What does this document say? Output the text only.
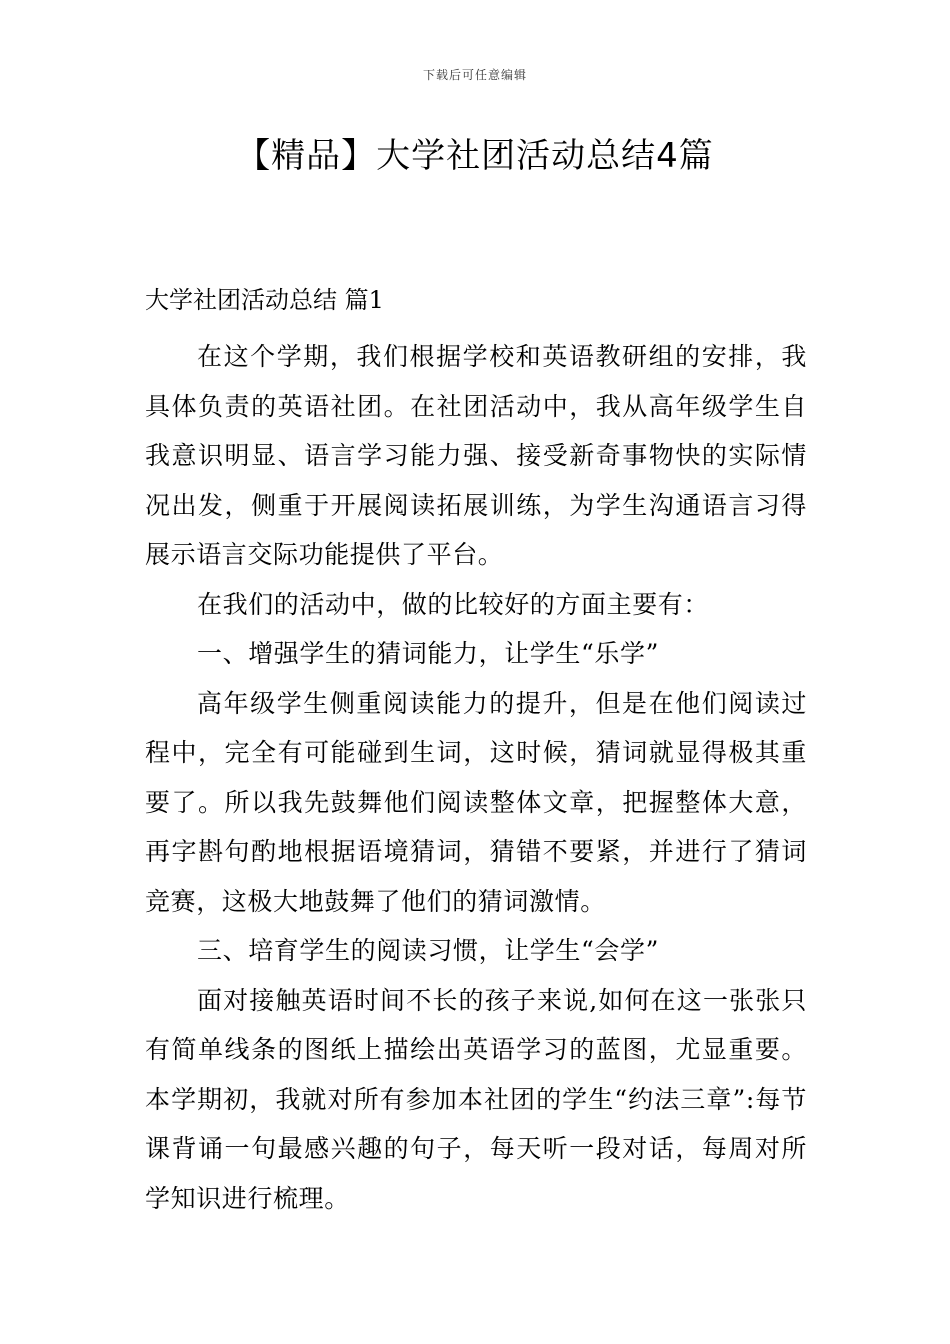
下载后可任意编辑
【精品】大学社团活动总结4篇

大学社团活动总结 篇1

在这个学期，我们根据学校和英语教研组的安排，我具体负责的英语社团。在社团活动中，我从高年级学生自我意识明显、语言学习能力强、接受新奇事物快的实际情况出发，侧重于开展阅读拓展训练，为学生沟通语言习得展示语言交际功能提供了平台。

在我们的活动中，做的比较好的方面主要有：

一、增强学生的猜词能力，让学生“乐学”

高年级学生侧重阅读能力的提升，但是在他们阅读过程中，完全有可能碰到生词，这时候，猜词就显得极其重要了。所以我先鼓舞他们阅读整体文章，把握整体大意，再字斟句酌地根据语境猜词，猜错不要紧，并进行了猜词竞赛，这极大地鼓舞了他们的猜词激情。

三、培育学生的阅读习惯，让学生“会学”

面对接触英语时间不长的孩子来说,如何在这一张张只有简单线条的图纸上描绘出英语学习的蓝图，尤显重要。本学期初，我就对所有参加本社团的学生“约法三章”:每节课背诵一句最感兴趣的句子，每天听一段对话，每周对所学知识进行梳理。
